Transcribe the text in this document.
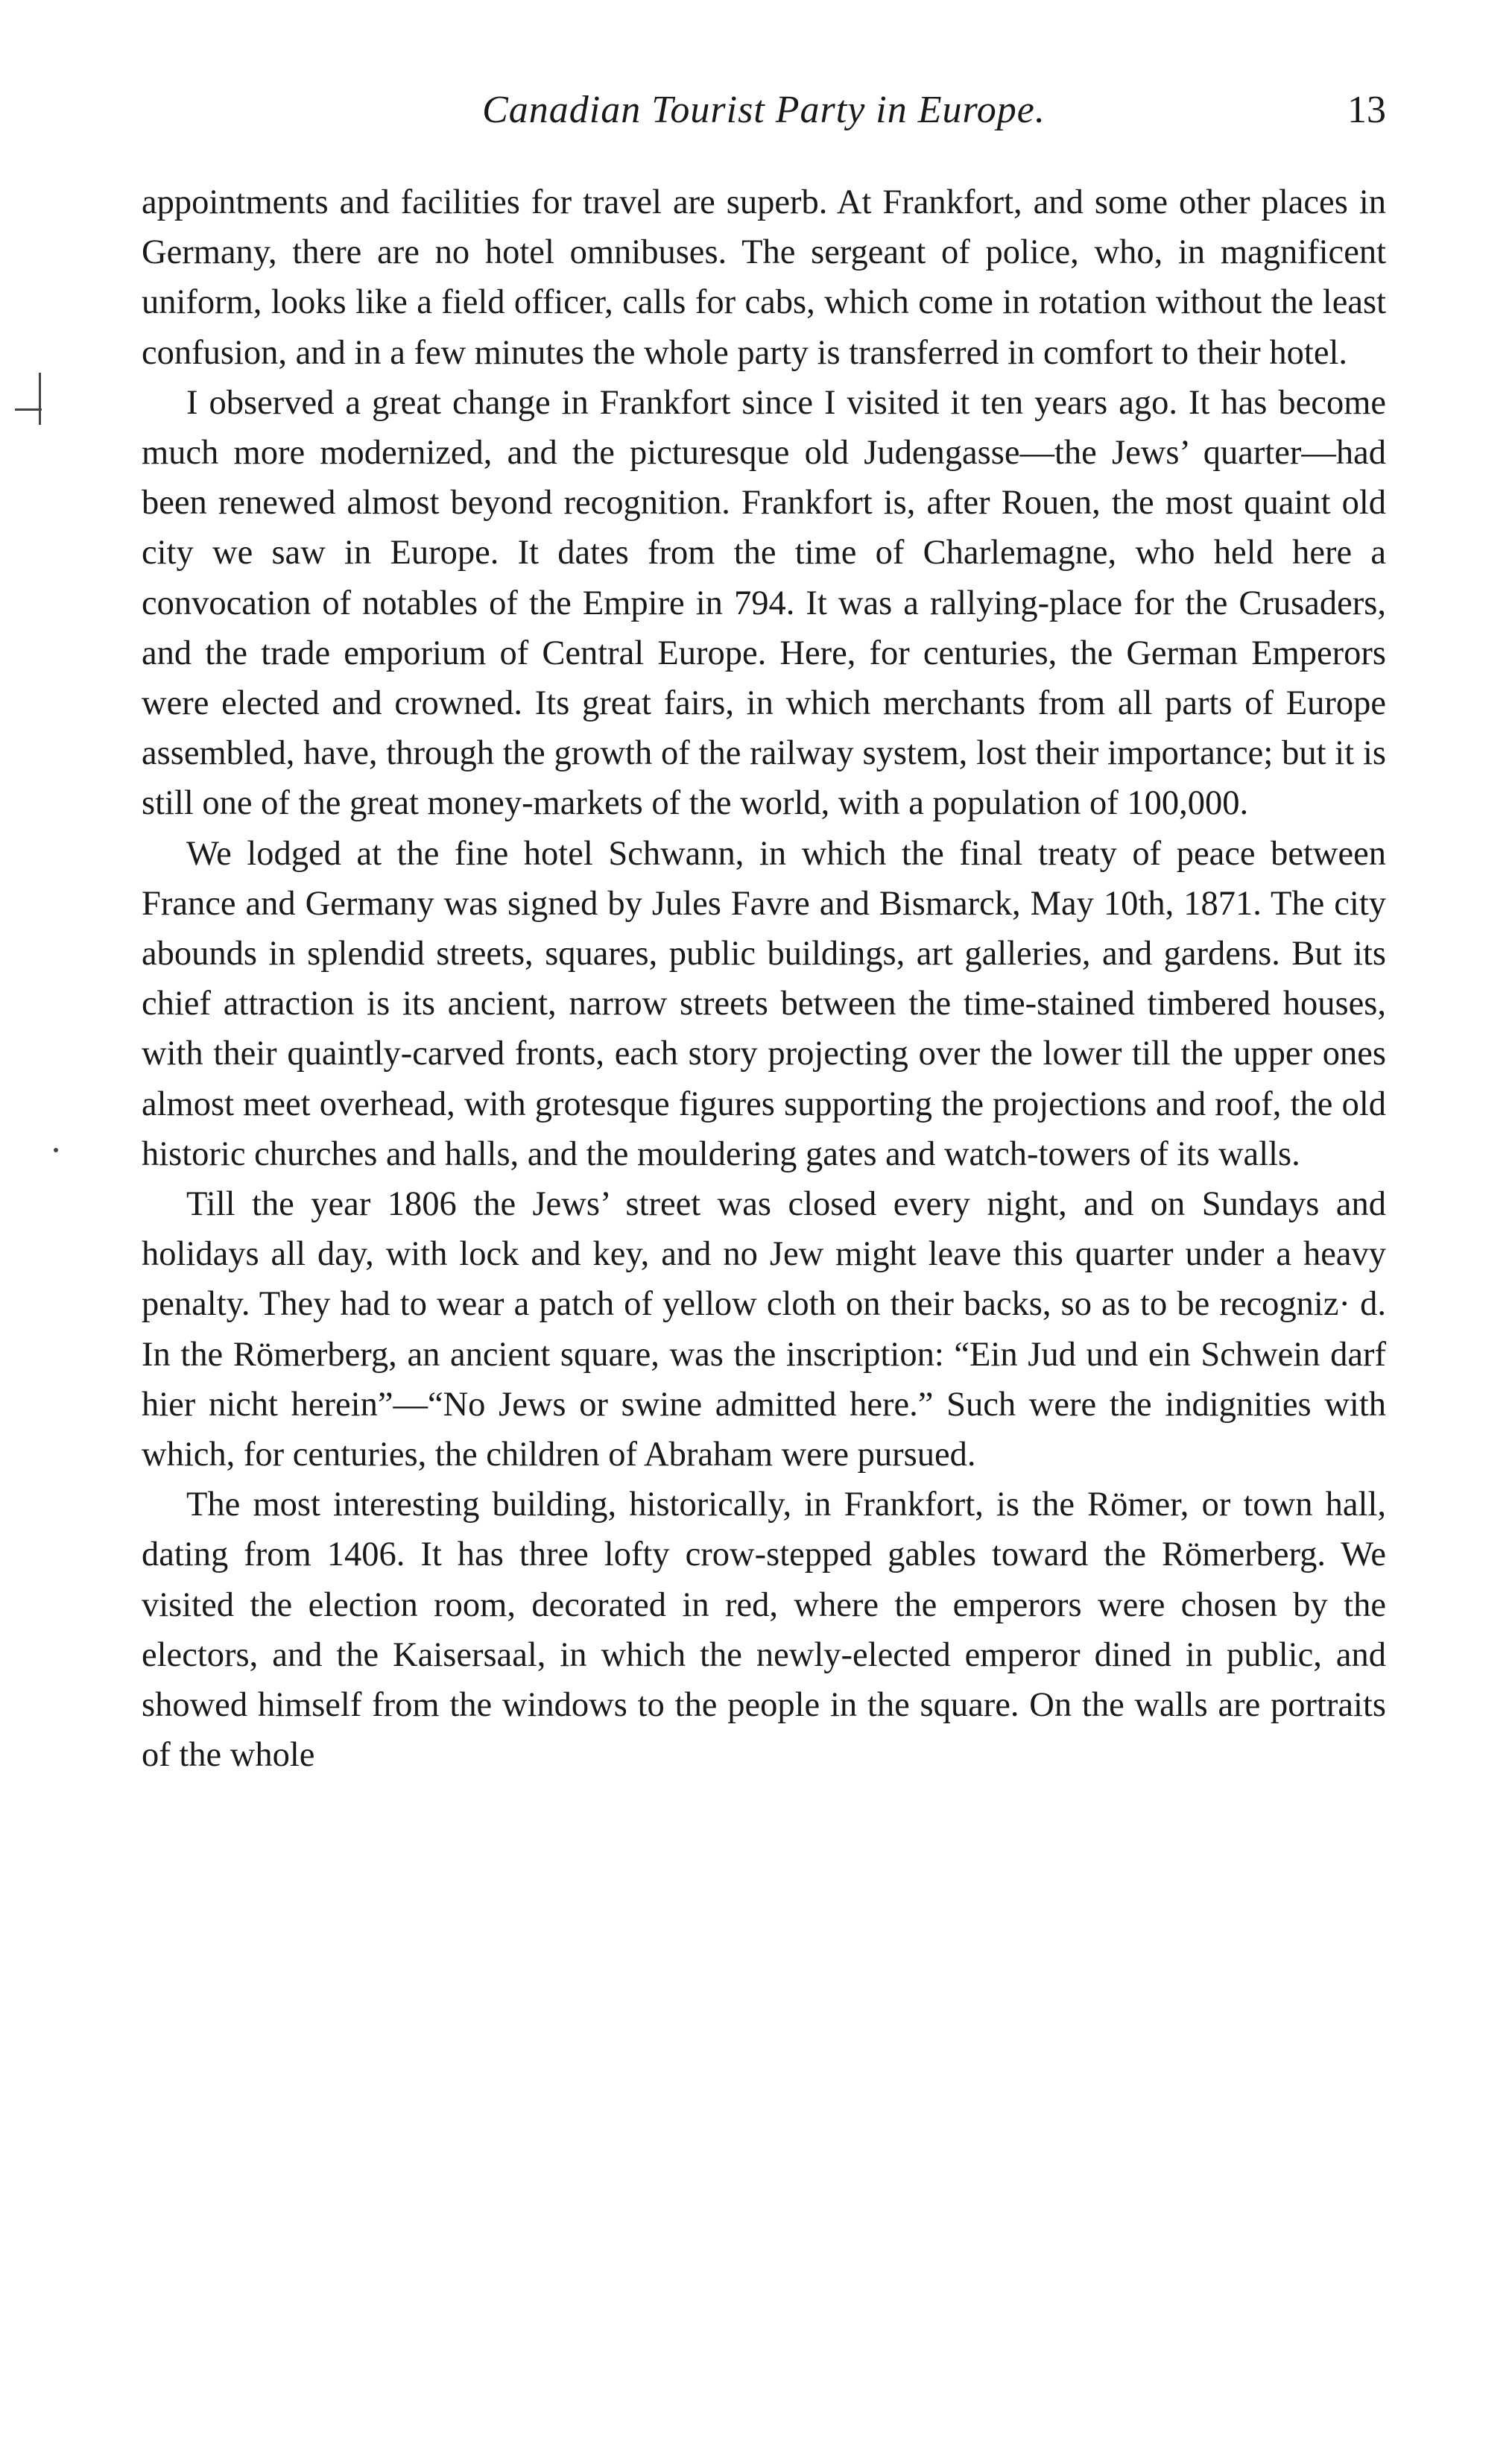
Canadian Tourist Party in Europe.	13

appointments and facilities for travel are superb. At Frankfort, and some other places in Germany, there are no hotel omnibuses. The sergeant of police, who, in magnificent uniform, looks like a field officer, calls for cabs, which come in rotation without the least confusion, and in a few minutes the whole party is transferred in comfort to their hotel.

I observed a great change in Frankfort since I visited it ten years ago. It has become much more modernized, and the picturesque old Judengasse—the Jews’ quarter—had been renewed almost beyond recognition. Frankfort is, after Rouen, the most quaint old city we saw in Europe. It dates from the time of Charlemagne, who held here a convocation of notables of the Empire in 794. It was a rallying-place for the Crusaders, and the trade emporium of Central Europe. Here, for centuries, the German Emperors were elected and crowned. Its great fairs, in which merchants from all parts of Europe assembled, have, through the growth of the railway system, lost their importance; but it is still one of the great money-markets of the world, with a population of 100,000.

We lodged at the fine hotel Schwann, in which the final treaty of peace between France and Germany was signed by Jules Favre and Bismarck, May 10th, 1871. The city abounds in splendid streets, squares, public buildings, art galleries, and gardens. But its chief attraction is its ancient, narrow streets between the time-stained timbered houses, with their quaintly-carved fronts, each story projecting over the lower till the upper ones almost meet overhead, with grotesque figures supporting the projections and roof, the old historic churches and halls, and the mouldering gates and watch-towers of its walls.

Till the year 1806 the Jews’ street was closed every night, and on Sundays and holidays all day, with lock and key, and no Jew might leave this quarter under a heavy penalty. They had to wear a patch of yellow cloth on their backs, so as to be recogniz· d. In the Römerberg, an ancient square, was the inscription: “Ein Jud und ein Schwein darf hier nicht herein”—“No Jews or swine admitted here.” Such were the indignities with which, for centuries, the children of Abraham were pursued.

The most interesting building, historically, in Frankfort, is the Römer, or town hall, dating from 1406. It has three lofty crow-stepped gables toward the Römerberg. We visited the election room, decorated in red, where the emperors were chosen by the electors, and the Kaisersaal, in which the newly-elected emperor dined in public, and showed himself from the windows to the people in the square. On the walls are portraits of the whole
